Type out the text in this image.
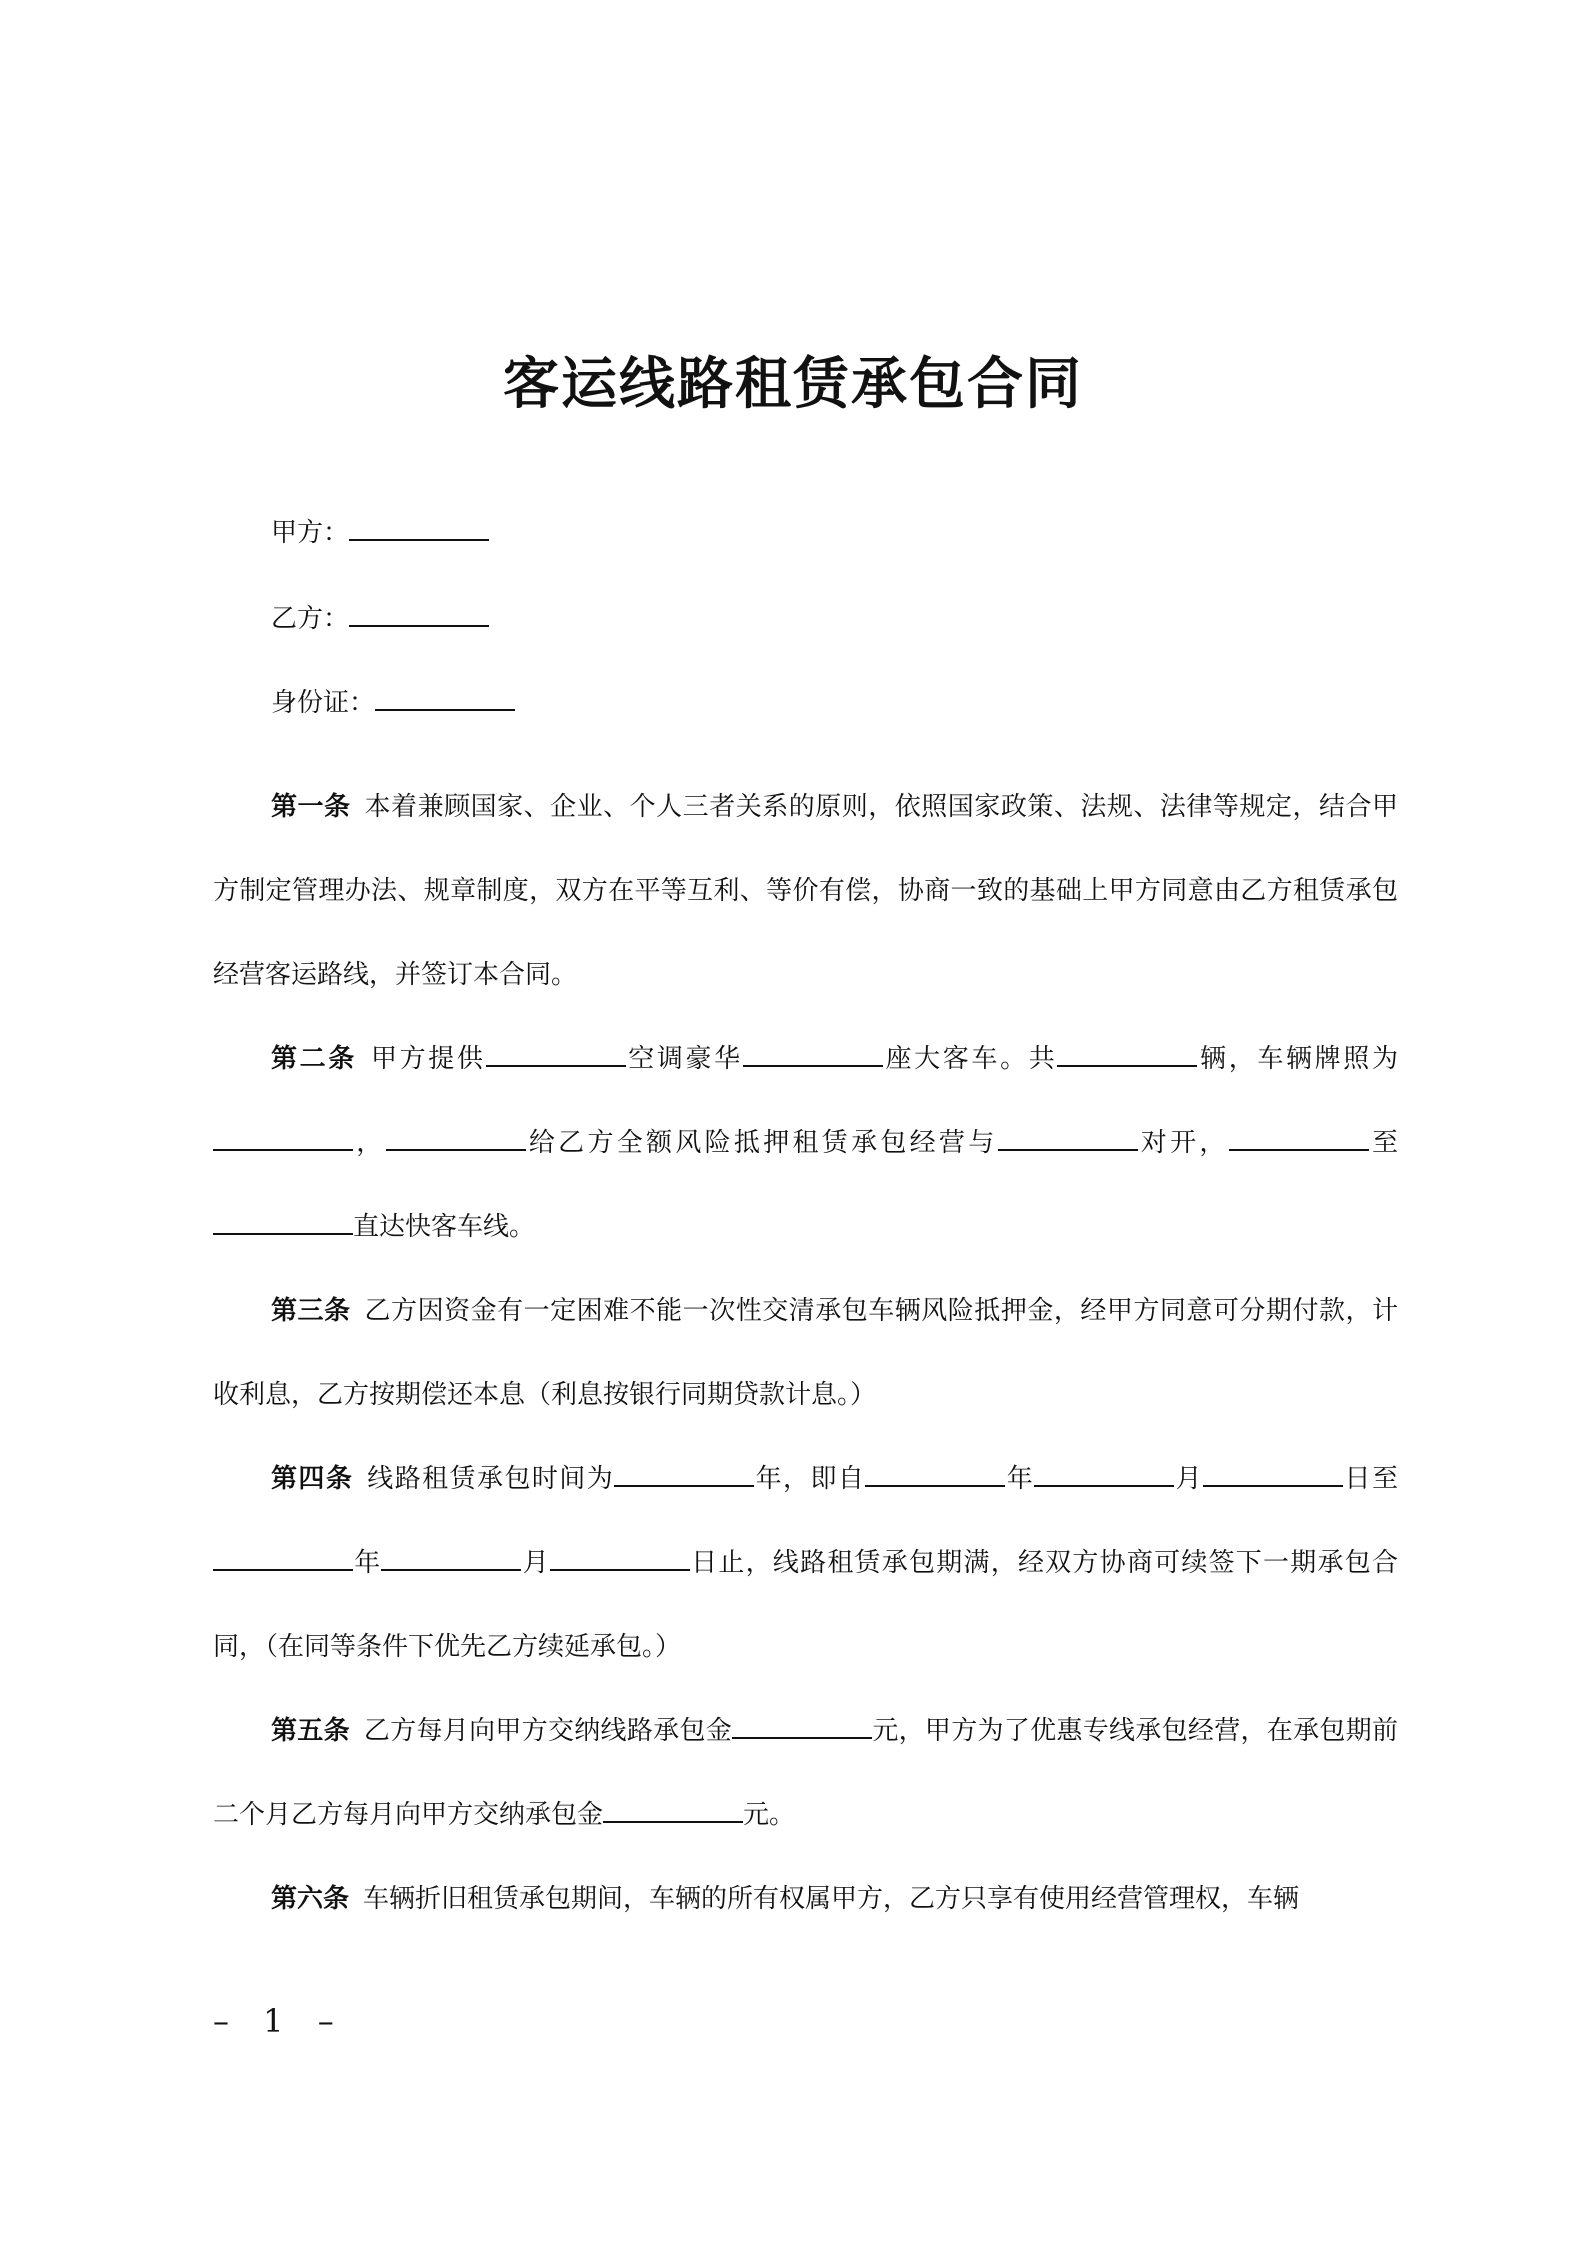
客运线路租赁承包合同
甲方：
乙方：
身份证：

第一条 本着兼顾国家、企业、个人三者关系的原则，依照国家政策、法规、法律等规定，结合甲方制定管理办法、规章制度，双方在平等互利、等价有偿，协商一致的基础上甲方同意由乙方租赁承包经营客运路线，并签订本合同。

第二条 甲方提供	空调豪华	座大客车。共	辆，车辆牌照为，	给乙方全额风险抵押租赁承包经营与	对开，	至直达快客车线。

第三条 乙方因资金有一定困难不能一次性交清承包车辆风险抵押金，经甲方同意可分期付款，计收利息，乙方按期偿还本息（利息按银行同期贷款计息。）

第四条 线路租赁承包时间为	年，即自	年	月	日至年	月	日止，线路租赁承包期满，经双方协商可续签下一期承包合同，（在同等条件下优先乙方续延承包。）

第五条 乙方每月向甲方交纳线路承包金	元，甲方为了优惠专线承包经营，在承包期前二个月乙方每月向甲方交纳承包金	元。

第六条 车辆折旧租赁承包期间，车辆的所有权属甲方，乙方只享有使用经营管理权，车辆

– 1 –
